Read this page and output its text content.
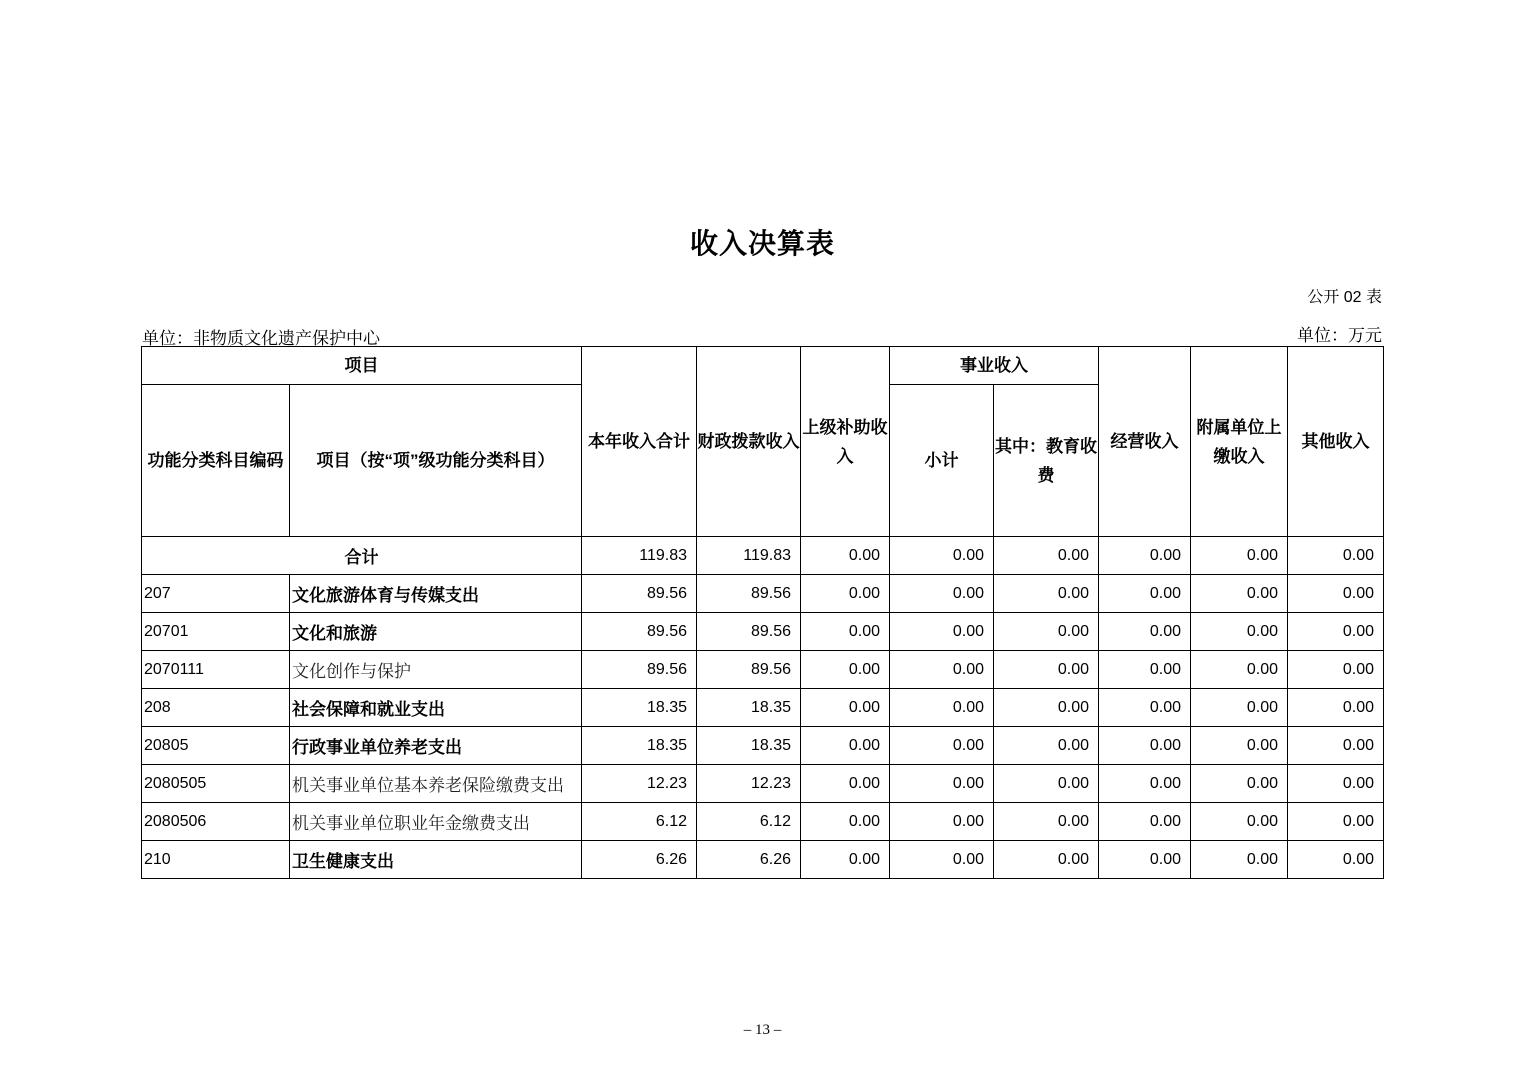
收入决算表
公开 02 表
单位：非物质文化遗产保护中心	单位：万元
项目		本年收入合计	财政拨款收入	上级补助收入	事业收入		经营收入	附属单位上缴收入	其他收入
功能分类科目编码	项目（按“项”级功能分类科目）				小计	其中：教育收费			
合计		119.83	119.83	0.00	0.00	0.00	0.00	0.00	0.00
207	文化旅游体育与传媒支出	89.56	89.56	0.00	0.00	0.00	0.00	0.00	0.00
20701	文化和旅游	89.56	89.56	0.00	0.00	0.00	0.00	0.00	0.00
2070111	文化创作与保护	89.56	89.56	0.00	0.00	0.00	0.00	0.00	0.00
208	社会保障和就业支出	18.35	18.35	0.00	0.00	0.00	0.00	0.00	0.00
20805	行政事业单位养老支出	18.35	18.35	0.00	0.00	0.00	0.00	0.00	0.00
2080505	机关事业单位基本养老保险缴费支出	12.23	12.23	0.00	0.00	0.00	0.00	0.00	0.00
2080506	机关事业单位职业年金缴费支出	6.12	6.12	0.00	0.00	0.00	0.00	0.00	0.00
210	卫生健康支出	6.26	6.26	0.00	0.00	0.00	0.00	0.00	0.00
– 13 –
